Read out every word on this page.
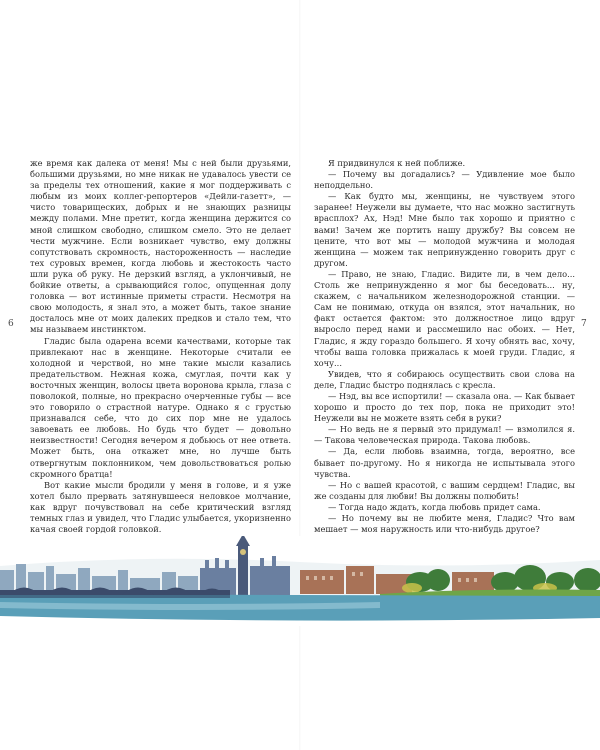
же время как далека от меня! Мы с ней были друзьями, большими друзьями, но мне никак не удавалось увести се за пределы тех отношений, какие я мог поддерживать с любым из моих коллег-репортеров «Дейли-газетт», — чисто товарищеских, добрых и не знающих разницы между полами. Мне претит, когда женщина держится со мной слишком свободно, слишком смело. Это не делает чести мужчине. Если возникает чувство, ему должны сопутствовать скромность, настороженность — наследие тех суровых времен, когда любовь и жестокость часто шли рука об руку. Не дерзкий взгляд, а уклончивый, не бойкие ответы, а срывающийся голос, опущенная долу головка — вот истинные приметы страсти. Несмотря на свою молодость, я знал это, а может быть, такое знание досталось мне от моих далеких предков и стало тем, что мы называем инстинктом.

Гладис была одарена всеми качествами, которые так привлекают нас в женщине. Некоторые считали ее холодной и черствой, но мне такие мысли казались предательством. Нежная кожа, смуглая, почти как у восточных женщин, волосы цвета воронова крыла, глаза с поволокой, полные, но прекрасно очерченные губы — все это говорило о страстной натуре. Однако я с грустью признавался себе, что до сих пор мне не удалось завоевать ее любовь. Но будь что будет — довольно неизвестности! Сегодня вечером я добьюсь от нее ответа. Может быть, она откажет мне, но лучше быть отвергнутым поклонником, чем довольствоваться ролью скромного братца!

Вот какие мысли бродили у меня в голове, и я уже хотел было прервать затянувшееся неловкое молчание, как вдруг почувствовал на себе критический взгляд темных глаз и увидел, что Гладис улыбается, укоризненно качая своей гордой головкой.

Я придвинулся к ней поближе.

— Почему вы догадались? — Удивление мое было неподдельно.

— Как будто мы, женщины, не чувствуем этого заранее! Неужели вы думаете, что нас можно застигнуть врасплох? Ах, Нэд! Мне было так хорошо и приятно с вами! Зачем же портить нашу дружбу? Вы совсем не цените, что вот мы — молодой мужчина и молодая женщина — можем так непринужденно говорить друг с другом.

— Право, не знаю, Гладис. Видите ли, в чем дело... Столь же непринужденно я мог бы беседовать... ну, скажем, с начальником железнодорожной станции. — Сам не понимаю, откуда он взялся, этот начальник, но факт остается фактом: это должностное лицо вдруг выросло перед нами и рассмешило нас обоих. — Нет, Гладис, я жду гораздо большего. Я хочу обнять вас, хочу, чтобы ваша головка прижалась к моей груди. Гладис, я хочу...

Увидев, что я собираюсь осуществить свои слова на деле, Гладис быстро поднялась с кресла.

— Нэд, вы все испортили! — сказала она. — Как бывает хорошо и просто до тех пор, пока не приходит это! Неужели вы не можете взять себя в руки?

— Но ведь не я первый это придумал! — взмолился я. — Такова человеческая природа. Такова любовь.

— Да, если любовь взаимна, тогда, вероятно, все бывает по-другому. Но я никогда не испытывала этого чувства.

— Но с вашей красотой, с вашим сердцем! Гладис, вы же созданы для любви! Вы должны полюбить!

— Тогда надо ждать, когда любовь придет сама.

— Но почему вы не любите меня, Гладис? Что вам мешает — моя наружность или что-нибудь другое?

6	7
